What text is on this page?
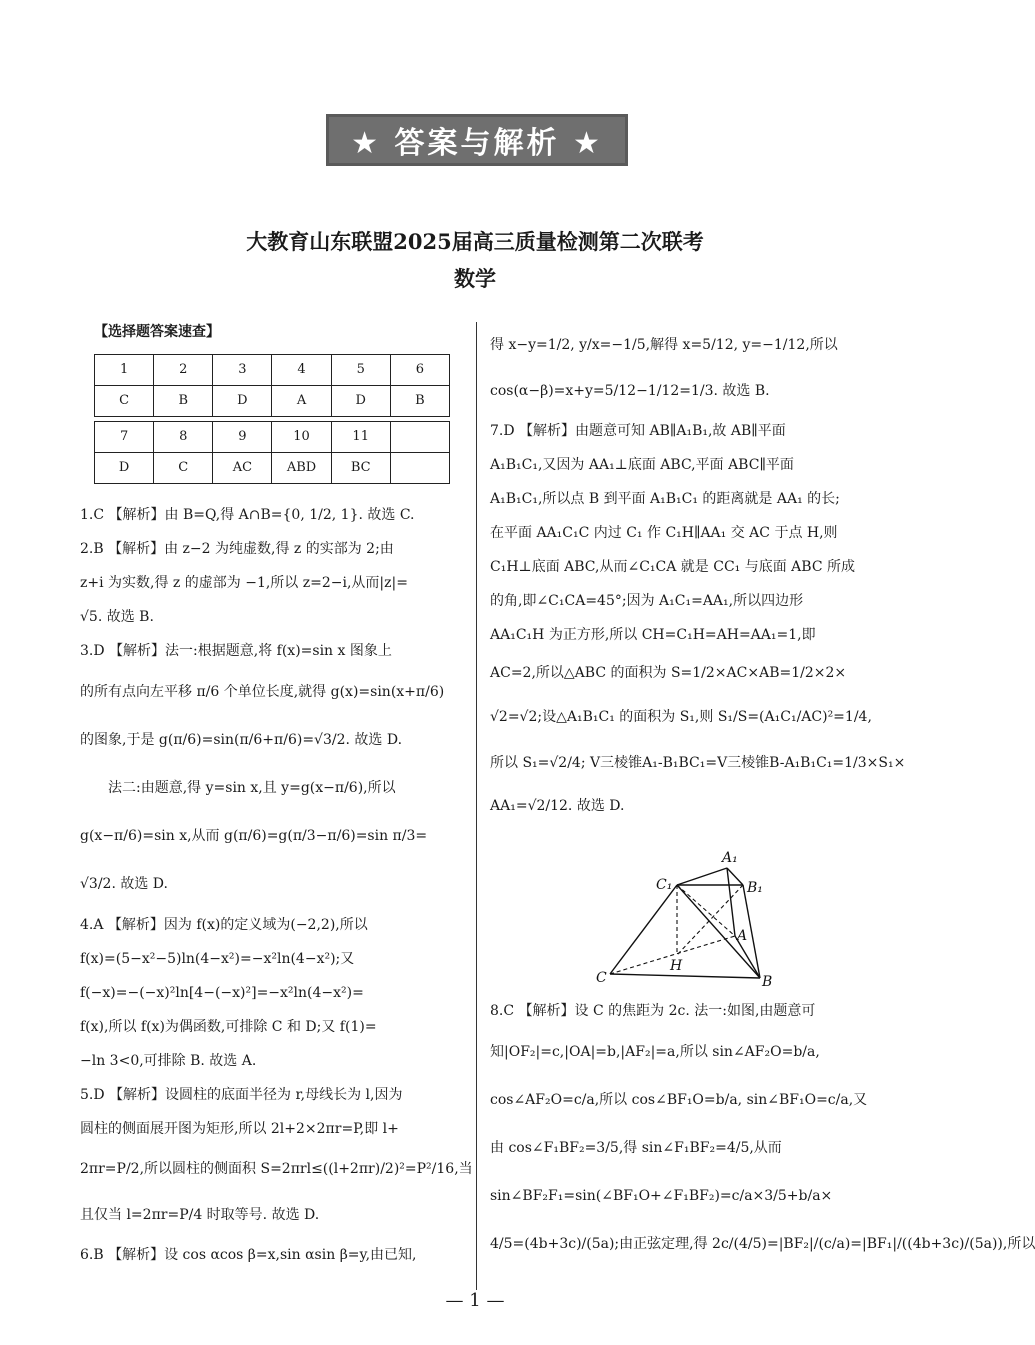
★ 答案与解析 ★
大教育山东联盟2025届高三质量检测第二次联考
数学
【选择题答案速查】
1	2	3	4	5	6
C	B	D	A	D	B

7	8	9	10	11	
D	C	AC	ABD	BC	
1.C 【解析】由 B=Q,得 A∩B={0, 1/2, 1}. 故选 C.
2.B 【解析】由 z−2 为纯虚数,得 z 的实部为 2;由
z+i 为实数,得 z 的虚部为 −1,所以 z=2−i,从而|z|=
√5. 故选 B.
3.D 【解析】法一:根据题意,将 f(x)=sin x 图象上
的所有点向左平移 π/6 个单位长度,就得 g(x)=sin(x+π/6)
的图象,于是 g(π/6)=sin(π/6+π/6)=√3/2. 故选 D.
法二:由题意,得 y=sin x,且 y=g(x−π/6),所以
g(x−π/6)=sin x,从而 g(π/6)=g(π/3−π/6)=sin π/3=
√3/2. 故选 D.
4.A 【解析】因为 f(x)的定义域为(−2,2),所以
f(x)=(5−x²−5)ln(4−x²)=−x²ln(4−x²);又
f(−x)=−(−x)²ln[4−(−x)²]=−x²ln(4−x²)=
f(x),所以 f(x)为偶函数,可排除 C 和 D;又 f(1)=
−ln 3<0,可排除 B. 故选 A.
5.D 【解析】设圆柱的底面半径为 r,母线长为 l,因为
圆柱的侧面展开图为矩形,所以 2l+2×2πr=P,即 l+
2πr=P/2,所以圆柱的侧面积 S=2πrl≤((l+2πr)/2)²=P²/16,当
且仅当 l=2πr=P/4 时取等号. 故选 D.
6.B 【解析】设 cos αcos β=x,sin αsin β=y,由已知,
得 x−y=1/2, y/x=−1/5,解得 x=5/12, y=−1/12,所以
cos(α−β)=x+y=5/12−1/12=1/3. 故选 B.
7.D 【解析】由题意可知 AB∥A₁B₁,故 AB∥平面
A₁B₁C₁,又因为 AA₁⊥底面 ABC,平面 ABC∥平面
A₁B₁C₁,所以点 B 到平面 A₁B₁C₁ 的距离就是 AA₁ 的长;
在平面 AA₁C₁C 内过 C₁ 作 C₁H∥AA₁ 交 AC 于点 H,则
C₁H⊥底面 ABC,从而∠C₁CA 就是 CC₁ 与底面 ABC 所成
的角,即∠C₁CA=45°;因为 A₁C₁=AA₁,所以四边形
AA₁C₁H 为正方形,所以 CH=C₁H=AH=AA₁=1,即
AC=2,所以△ABC 的面积为 S=1/2×AC×AB=1/2×2×
√2=√2;设△A₁B₁C₁ 的面积为 S₁,则 S₁/S=(A₁C₁/AC)²=1/4,
所以 S₁=√2/4; V三棱锥A₁-B₁BC₁=V三棱锥B-A₁B₁C₁=1/3×S₁×
AA₁=√2/12. 故选 D.
A₁
B₁
C₁
A
H
C	B
8.C 【解析】设 C 的焦距为 2c. 法一:如图,由题意可
知|OF₂|=c,|OA|=b,|AF₂|=a,所以 sin∠AF₂O=b/a,
cos∠AF₂O=c/a,所以 cos∠BF₁O=b/a, sin∠BF₁O=c/a,又
由 cos∠F₁BF₂=3/5,得 sin∠F₁BF₂=4/5,从而
sin∠BF₂F₁=sin(∠BF₁O+∠F₁BF₂)=c/a×3/5+b/a×
4/5=(4b+3c)/(5a);由正弦定理,得 2c/(4/5)=|BF₂|/(c/a)=|BF₁|/((4b+3c)/(5a)),所以
— 1 —
